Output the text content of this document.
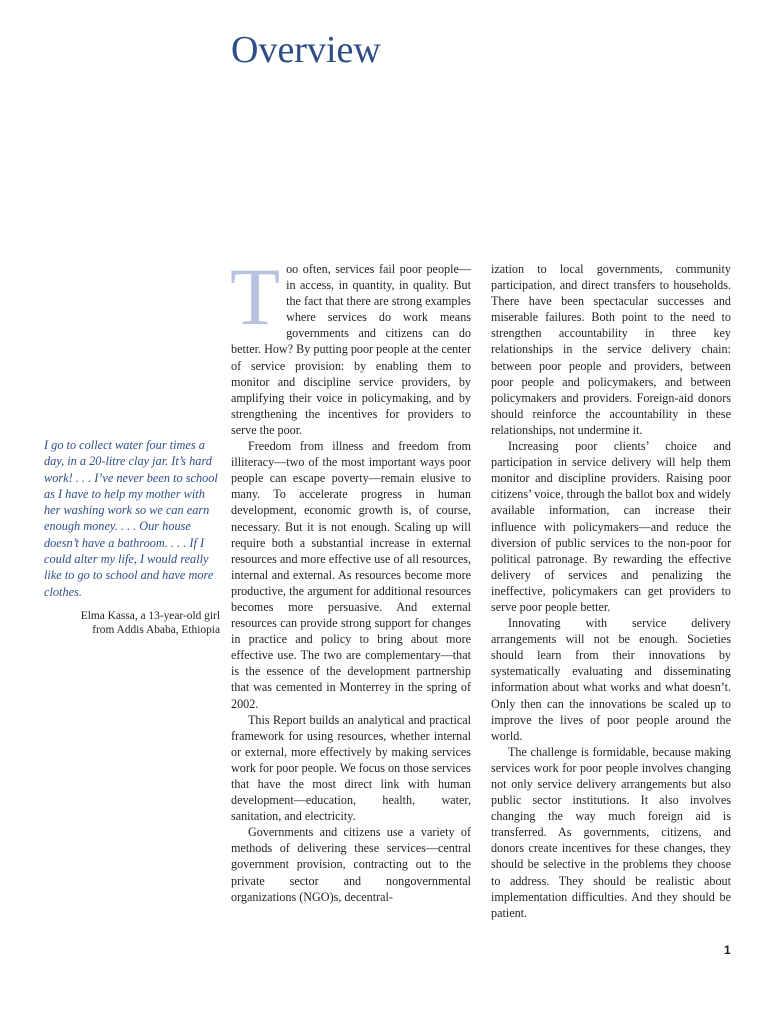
Overview

I go to collect water four times a day, in a 20-litre clay jar. It’s hard work! . . . I’ve never been to school as I have to help my mother with her washing work so we can earn enough money. . . . Our house doesn’t have a bathroom. . . . If I could alter my life, I would really like to go to school and have more clothes.

Elma Kassa, a 13-year-old girl
from Addis Ababa, Ethiopia

Too often, services fail poor people—in access, in quantity, in quality. But the fact that there are strong examples where services do work means governments and citizens can do better. How? By putting poor people at the center of service provision: by enabling them to monitor and discipline service providers, by amplifying their voice in policymaking, and by strengthening the incentives for providers to serve the poor.

Freedom from illness and freedom from illiteracy—two of the most important ways poor people can escape poverty—remain elusive to many. To accelerate progress in human development, economic growth is, of course, necessary. But it is not enough. Scaling up will require both a substantial increase in external resources and more effective use of all resources, internal and external. As resources become more productive, the argument for additional resources becomes more persuasive. And external resources can provide strong support for changes in practice and policy to bring about more effective use. The two are complementary—that is the essence of the development partnership that was cemented in Monterrey in the spring of 2002.

This Report builds an analytical and practical framework for using resources, whether internal or external, more effectively by making services work for poor people. We focus on those services that have the most direct link with human development—education, health, water, sanitation, and electricity.

Governments and citizens use a variety of methods of delivering these services—central government provision, contracting out to the private sector and nongovernmental organizations (NGO)s, decentral-

ization to local governments, community participation, and direct transfers to households. There have been spectacular successes and miserable failures. Both point to the need to strengthen accountability in three key relationships in the service delivery chain: between poor people and providers, between poor people and policymakers, and between policymakers and providers. Foreign-aid donors should reinforce the accountability in these relationships, not undermine it.

Increasing poor clients’ choice and participation in service delivery will help them monitor and discipline providers. Raising poor citizens’ voice, through the ballot box and widely available information, can increase their influence with policymakers—and reduce the diversion of public services to the non-poor for political patronage. By rewarding the effective delivery of services and penalizing the ineffective, policymakers can get providers to serve poor people better.

Innovating with service delivery arrangements will not be enough. Societies should learn from their innovations by systematically evaluating and disseminating information about what works and what doesn’t. Only then can the innovations be scaled up to improve the lives of poor people around the world.

The challenge is formidable, because making services work for poor people involves changing not only service delivery arrangements but also public sector institutions. It also involves changing the way much foreign aid is transferred. As governments, citizens, and donors create incentives for these changes, they should be selective in the problems they choose to address. They should be realistic about implementation difficulties. And they should be patient.

1
